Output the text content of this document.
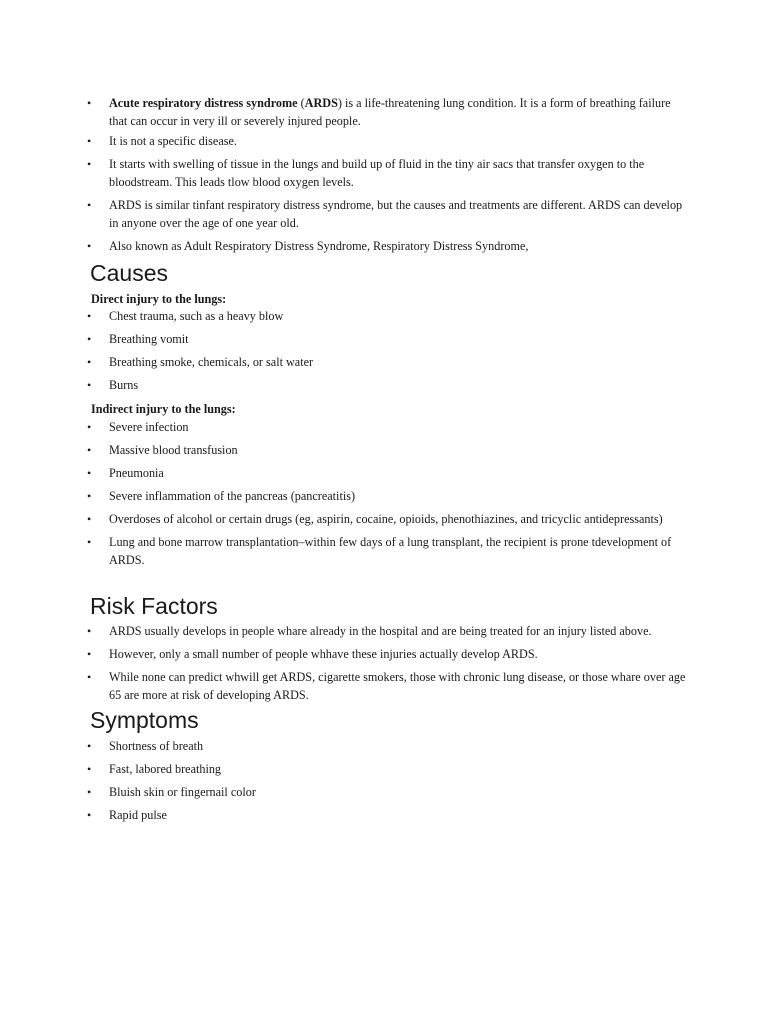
• Acute respiratory distress syndrome (ARDS) is a life-threatening lung condition. It is a form of breathing failure that can occur in very ill or severely injured people.
• It is not a specific disease.
• It starts with swelling of tissue in the lungs and build up of fluid in the tiny air sacs that transfer oxygen to the bloodstream. This leads tlow blood oxygen levels.
• ARDS is similar tinfant respiratory distress syndrome, but the causes and treatments are different. ARDS can develop in anyone over the age of one year old.
• Also known as Adult Respiratory Distress Syndrome, Respiratory Distress Syndrome,
Causes
Direct injury to the lungs:
• Chest trauma, such as a heavy blow
• Breathing vomit
• Breathing smoke, chemicals, or salt water
• Burns
Indirect injury to the lungs:
• Severe infection
• Massive blood transfusion
• Pneumonia
• Severe inflammation of the pancreas (pancreatitis)
• Overdoses of alcohol or certain drugs (eg, aspirin, cocaine, opioids, phenothiazines, and tricyclic antidepressants)
• Lung and bone marrow transplantation–within few days of a lung transplant, the recipient is prone tdevelopment of ARDS.
Risk Factors
• ARDS usually develops in people whare already in the hospital and are being treated for an injury listed above.
• However, only a small number of people whhave these injuries actually develop ARDS.
• While none can predict whwill get ARDS, cigarette smokers, those with chronic lung disease, or those whare over age 65 are more at risk of developing ARDS.
Symptoms
• Shortness of breath
• Fast, labored breathing
• Bluish skin or fingernail color
• Rapid pulse
